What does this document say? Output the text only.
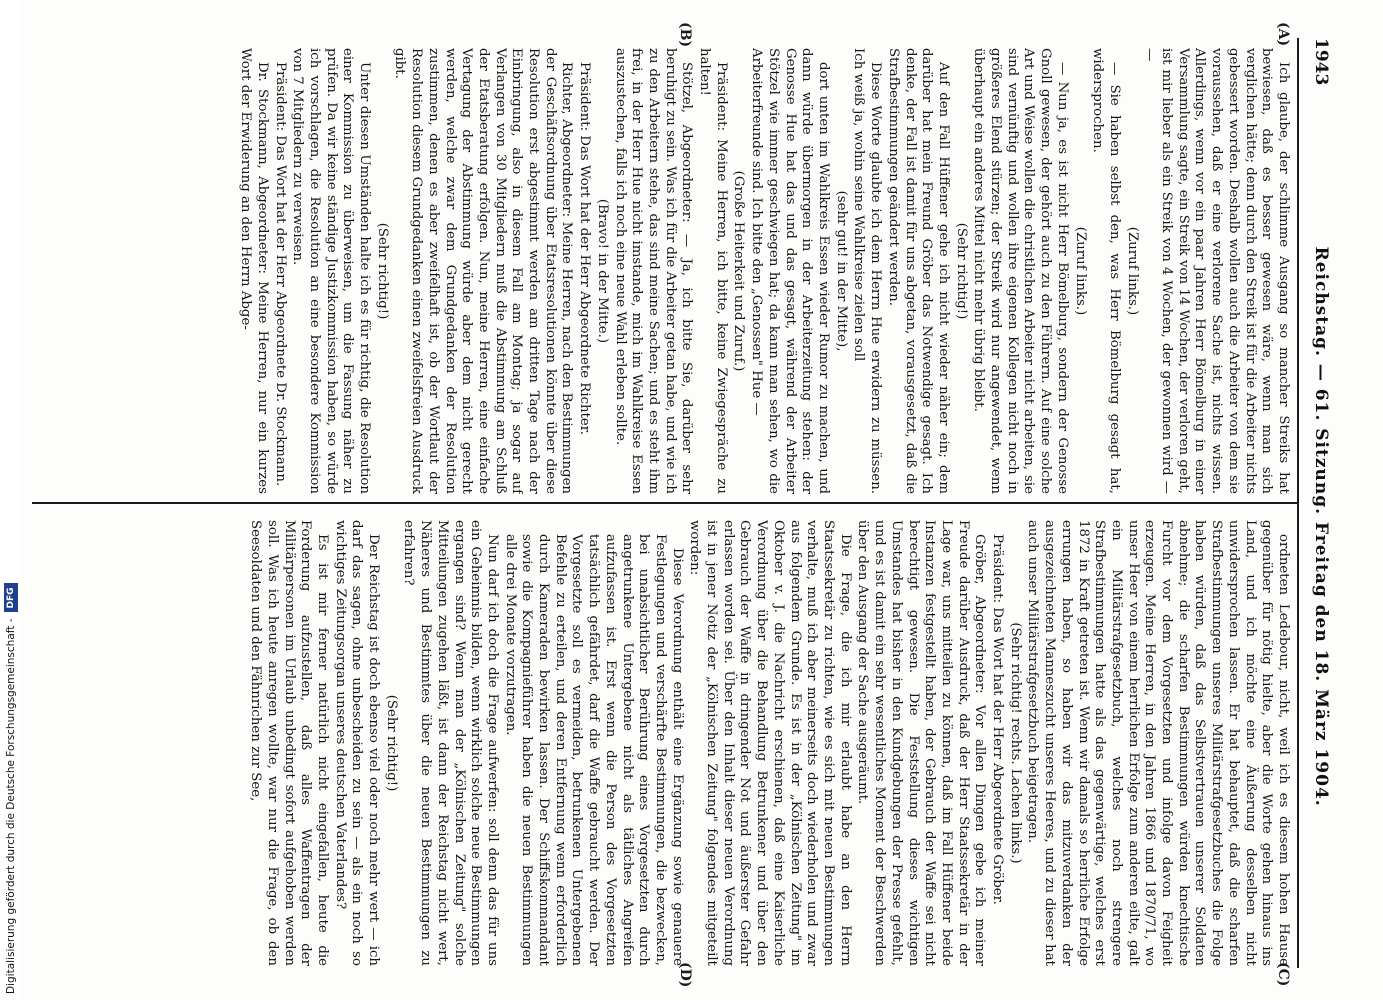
1943
Reichstag. — 61. Sitzung. Freitag den 18. März 1904.
(A)
(B)
(C)
(D)

Ich glaube, der schlimme Ausgang so mancher Streiks hat bewiesen, daß es besser gewesen wäre, wenn man sich verglichen hätte; denn durch den Streik ist für die Arbeiter nichts gebessert worden. Deshalb wollen auch die Arbeiter von dem sie voraussehen, daß er eine verlorene Sache ist, nichts wissen. Allerdings, wenn vor ein paar Jahren Herr Bömelburg in einer Versammlung sagte, ein Streik von 14 Wochen, der verloren geht, ist mir lieber als ein Streik von 4 Wochen, der gewonnen wird — —

(Zuruf links.)

— Sie haben selbst den, was Herr Bömelburg gesagt hat, widersprochen.

(Zuruf links.)

— Nun ja, es ist nicht Herr Bömelburg, sondern der Genosse Gnoll gewesen, der gehört auch zu den Führern. Auf eine solche Art und Weise wollen die christlichen Arbeiter nicht arbeiten, sie sind vernünftig und wollen ihre eigenen Kollegen nicht noch in größeres Elend stürzen; der Streik wird nur angewendet, wenn überhaupt ein anderes Mittel nicht mehr übrig bleibt.

(Sehr richtig!)

Auf den Fall Hüffener gehe ich nicht wieder näher ein; dem darüber hat mein Freund Gröber das Notwendige gesagt. Ich denke, der Fall ist damit für uns abgetan, vorausgesetzt, daß die Strafbestimmungen geändert werden.

Diese Worte glaubte ich dem Herrn Hue erwidern zu müssen. Ich weiß ja, wohin seine Wahlkreise zielen soll

(sehr gut! in der Mitte),

dort unten im Wahlkreis Essen wieder Rumor zu machen, und dann würde übermorgen in der Arbeiterzeitung stehen: der Genosse Hue hat das und das gesagt, während der Arbeiter Stötzel wie immer geschwiegen hat; da kann man sehen, wo die Arbeiterfreunde sind. Ich bitte den „Genossen" Hue —

(Große Heiterkeit und Zuruf.)

Präsident: Meine Herren, ich bitte, keine Zwiegespräche zu halten!

Stötzel, Abgeordneter: — Ja, ich bitte Sie, darüber sehr beruhigt zu sein. Was ich für die Arbeiter getan habe, und wie ich zu den Arbeitern stehe, das sind meine Sachen; und es steht ihm frei, in der Herr Hue nicht imstande, mich im Wahlkreise Essen auszustechen, falls ich noch eine neue Wahl erleben sollte.

(Bravo! in der Mitte.)

Präsident: Das Wort hat der Herr Abgeordnete Richter.

Richter, Abgeordneter: Meine Herren, nach den Bestimmungen der Geschäftsordnung über Etatsresolutionen könnte über diese Resolution erst abgestimmt werden am dritten Tage nach der Einbringung, also in diesem Fall am Montag; ja sogar auf Verlangen von 30 Mitgliedern muß die Abstimmung am Schluß der Etatsberatung erfolgen. Nun, meine Herren, eine einfache Vertagung der Abstimmung würde aber dem nicht gerecht werden, welche zwar dem Grundgedanken der Resolution zustimmen, denen es aber zweifelhaft ist, ob der Wortlaut der Resolution diesem Grundgedanken einen zweifelsfreien Ausdruck gibt.

(Sehr richtig!)

Unter diesen Umständen halte ich es für richtig, die Resolution einer Kommission zu überweisen, um die Fassung näher zu prüfen. Da wir keine ständige Justizkommission haben, so würde ich vorschlagen, die Resolution an eine besondere Kommission von 7 Mitgliedern zu verweisen.

Präsident: Das Wort hat der Herr Abgeordnete Dr. Stockmann.

Dr. Stockmann, Abgeordneter: Meine Herren, nur ein kurzes Wort der Erwiderung an den Herrn Abge-

ordneten Ledebour, nicht, weil ich es diesem hohen Hause gegenüber für nötig hielte, aber die Worte gehen hinaus ins Land, und ich möchte eine Äußerung desselben nicht unwidersprochen lassen. Er hat behauptet, daß die scharfen Strafbestimmungen unseres Militärstrafgesetzbuches die Folge haben würden, daß das Selbstvertrauen unserer Soldaten abnehme; die scharfen Bestimmungen würden knechtische Furcht vor dem Vorgesetzten und infolge davon Feigheit erzeugen. Meine Herren, in den Jahren 1866 und 1870/71, wo unser Heer von einem herrlichen Erfolge zum anderen eilte, galt ein Militärstrafgesetzbuch, welches noch strengere Strafbestimmungen hatte als das gegenwärtige, welches erst 1872 in Kraft getreten ist. Wenn wir damals so herrliche Erfolge errungen haben, so haben wir das mitzuverdanken der ausgezeichneten Manneszucht unseres Heeres, und zu dieser hat auch unser Militärstrafgesetzbuch beigetragen.

(Sehr richtig! rechts. Lachen links.)

Präsident: Das Wort hat der Herr Abgeordnete Gröber.

Gröber, Abgeordneter: Vor allen Dingen gebe ich meiner Freude darüber Ausdruck, daß der Herr Staatssekretär in der Lage war, uns mitteilen zu können, daß im Fall Hüffener beide Instanzen festgestellt haben, der Gebrauch der Waffe sei nicht berechtigt gewesen. Die Feststellung dieses wichtigen Umstandes hat bisher in den Kundgebungen der Presse gefehlt, und es ist damit ein sehr wesentliches Moment der Beschwerden über den Ausgang der Sache ausgeräumt.

Die Frage, die ich mir erlaubt habe an den Herrn Staatssekretär zu richten, wie es sich mit neuen Bestimmungen verhalte, muß ich aber meinerseits doch wiederholen und zwar aus folgendem Grunde. Es ist in der „Kölnischen Zeitung" im Oktober v. J. die Nachricht erschienen, daß eine Kaiserliche Verordnung über die Behandlung Betrunkener und über den Gebrauch der Waffe in dringender Not und äußerster Gefahr erlassen worden sei. Über den Inhalt dieser neuen Verordnung ist in jener Notiz der „Kölnischen Zeitung" folgendes mitgeteilt worden:

Diese Verordnung enthält eine Ergänzung sowie genauere Festlegungen und verschärfte Bestimmungen, die bezwecken, bei unabsichtlicher Berührung eines Vorgesetzten durch angetrunkene Untergebene nicht als tätliches Angreifen aufzufassen ist. Erst wenn die Person des Vorgesetzten tatsächlich gefährdet, darf die Waffe gebraucht werden. Der Vorgesetzte soll es vermeiden, betrunkenen Untergebenen Befehle zu erteilen, und deren Entfernung wenn erforderlich durch Kameraden bewirken lassen. Der Schiffskommandant sowie die Kompagnieführer haben die neuen Bestimmungen alle drei Monate vorzutragen.

Nun darf ich doch die Frage aufwerfen: soll denn das für uns ein Geheimnis bilden, wenn wirklich solche neue Bestimmungen ergangen sind? Wenn man der „Kölnischen Zeitung" solche Mitteilungen zugehen läßt, ist dann der Reichstag nicht wert, Näheres und Bestimmtes über die neuen Bestimmungen zu erfahren?

(Sehr richtig!)

Der Reichstag ist doch ebenso viel oder noch mehr wert — ich darf das sagen, ohne unbescheiden zu sein — als ein noch so wichtiges Zeitungsorgan unseres deutschen Vaterlandes?

Es ist mir ferner natürlich nicht eingefallen, heute die Forderung aufzustellen, daß alles Waffentragen der Militärpersonen im Urlaub unbedingt sofort aufgehoben werden soll. Was ich heute anregen wollte, war nur die Frage, ob den Seesoldaten und den Fähnrichen zur See,

Digitalisierung gefördert durch die Deutsche Forschungsgemeinschaft -
DFG
